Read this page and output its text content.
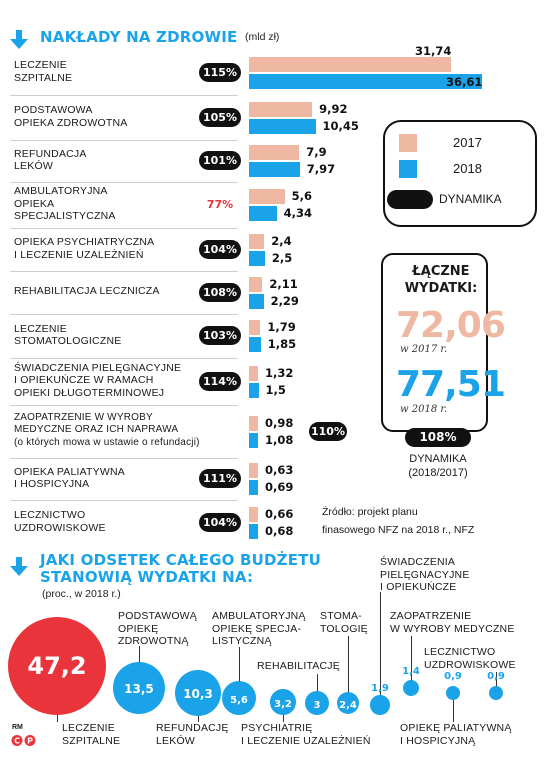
NAKŁADY NA ZDROWIE (mld zł)
LECZENIE
SZPITALNE
31,74
36,61
115%
PODSTAWOWA
OPIEKA ZDROWOTNA
9,92
10,45
105%
REFUNDACJA
LEKÓW
7,9
7,97
101%
AMBULATORYJNA
OPIEKA
SPECJALISTYCZNA
5,6
4,34
77%
OPIEKA PSYCHIATRYCZNA
I LECZENIE UZALEŻNIEŃ
2,4
2,5
104%
REHABILITACJA LECZNICZA
2,11
2,29
108%
LECZENIE
STOMATOLOGICZNE
1,79
1,85
103%
ŚWIADCZENIA PIELĘGNACYJNE
I OPIEKUŃCZE W RAMACH
OPIEKI DŁUGOTERMINOWEJ
1,32
1,5
114%
ZAOPATRZENIE W WYROBY
MEDYCZNE ORAZ ICH NAPRAWA
(o których mowa w ustawie o refundacji)
0,98
1,08
110%
OPIEKA PALIATYWNA
I HOSPICYJNA
0,63
0,69
111%
LECZNICTWO
UZDROWISKOWE
0,66
0,68
104%
2017
2018
DYNAMIKA
ŁĄCZNE
WYDATKI:
72,06
w 2017 r.
77,51
w 2018 r.
108%
DYNAMIKA
(2018/2017)
Źródło: projekt planu
finasowego NFZ na 2018 r., NFZ
JAKI ODSETEK CAŁEGO BUDŻETU
STANOWIĄ WYDATKI NA:
(proc., w 2018 r.)
47,2
LECZENIE
SZPITALNE
13,5
PODSTAWOWĄ
OPIEKĘ
ZDROWOTNĄ
10,3
REFUNDACJĘ
LEKÓW
5,6
AMBULATORYJNĄ
OPIEKĘ SPECJA-
LISTYCZNĄ
3,2
PSYCHIATRIĘ
I LECZENIE UZALEŻNIEŃ
3
REHABILITACJĘ
2,4
STOMA-
TOLOGIĘ
1,9
ŚWIADCZENIA
PIELĘGNACYJNE
I OPIEKUŃCZE
1,4
ZAOPATRZENIE
W WYROBY MEDYCZNE
0,9
OPIEKĘ PALIATYWNĄ
I HOSPICYJNĄ
0,9
LECZNICTWO
UZDROWISKOWE
RM
C P
